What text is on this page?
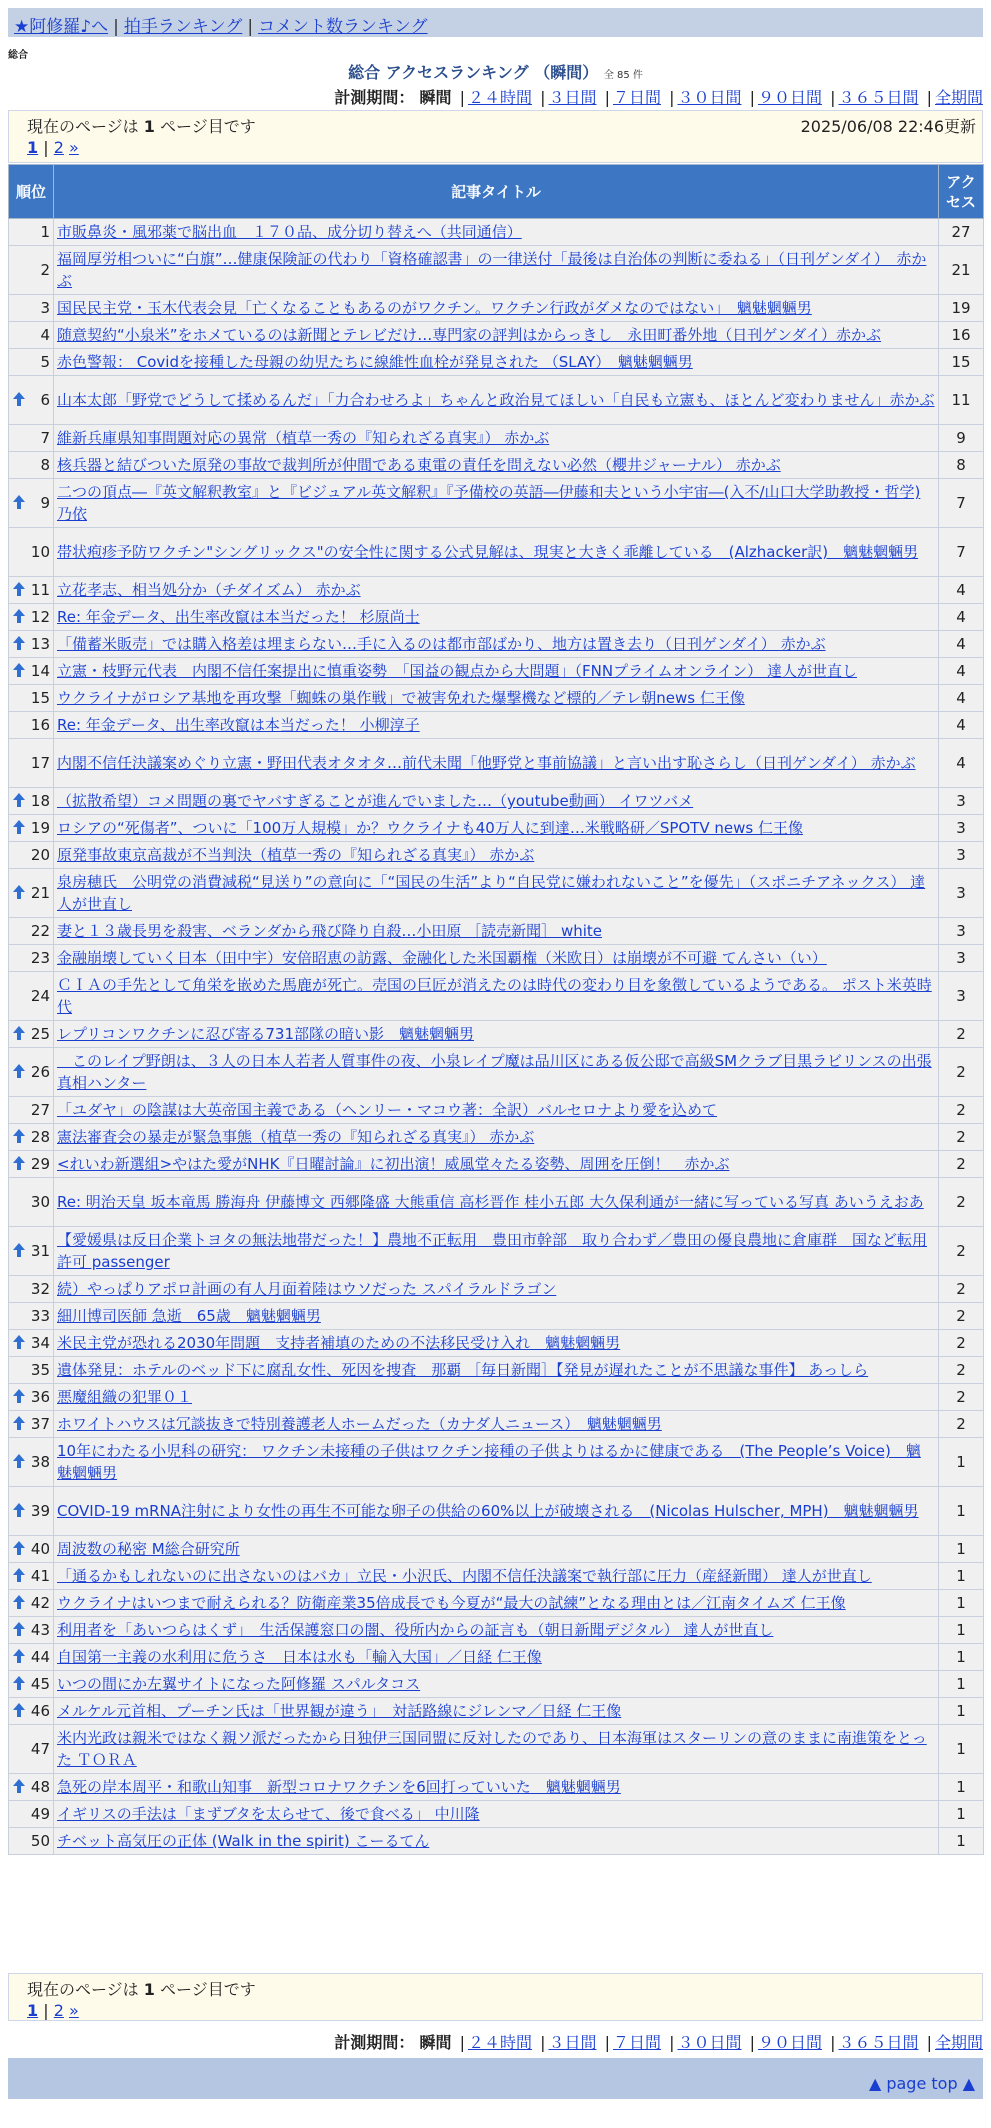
★阿修羅♪へ | 拍手ランキング | コメント数ランキング
総合
総合 アクセスランキング （瞬間） 全 85 件
計測期間： 瞬間 | ２４時間 | ３日間 | ７日間 | ３０日間 | ９０日間 | ３６５日間 | 全期間
現在のページは 1 ページ目です	2025/06/08 22:46更新
1 | 2 »
順位	記事タイトル	アクセス
1	市販鼻炎・風邪薬で脳出血　１７０品、成分切り替えへ（共同通信）	27
2	福岡厚労相ついに“白旗”…健康保険証の代わり「資格確認書」の一律送付「最後は自治体の判断に委ねる」（日刊ゲンダイ）　赤かぶ	21
3	国民民主党・玉木代表会見「亡くなることもあるのがワクチン。ワクチン行政がダメなのではない」　魑魅魍魎男	19
4	随意契約“小泉米”をホメているのは新聞とテレビだけ…専門家の評判はからっきし　永田町番外地（日刊ゲンダイ）赤かぶ	16
5	赤色警報： Covidを接種した母親の幼児たちに線維性血栓が発見された （SLAY）　魑魅魍魎男	15

6	山本太郎「野党でどうして揉めるんだ」「力合わせろよ」ちゃんと政治見てほしい「自民も立憲も、ほとんど変わりません」赤かぶ	11
7	維新兵庫県知事問題対応の異常（植草一秀の『知られざる真実』） 赤かぶ	9
8	核兵器と結びついた原発の事故で裁判所が仲間である東電の責任を問えない必然（櫻井ジャーナル） 赤かぶ	8

9	二つの頂点―『英文解釈教室』と『ビジュアル英文解釈』『予備校の英語―伊藤和夫という小宇宙―(入不/山口大学助教授・哲学) 乃依	7
10	帯状疱疹予防ワクチン"シングリックス"の安全性に関する公式見解は、現実と大きく乖離している　(Alzhacker訳)　魑魅魍魎男	7

11	立花孝志、相当処分か（チダイズム） 赤かぶ	4

12	Re: 年金データ、出生率改竄は本当だった！ 杉原尚士	4

13	「備蓄米販売」では購入格差は埋まらない…手に入るのは都市部ばかり、地方は置き去り（日刊ゲンダイ） 赤かぶ	4

14	立憲・枝野元代表　内閣不信任案提出に慎重姿勢　「国益の観点から大問題」（FNNプライムオンライン） 達人が世直し	4
15	ウクライナがロシア基地を再攻撃「蜘蛛の巣作戦」で被害免れた爆撃機など標的／テレ朝news 仁王像	4
16	Re: 年金データ、出生率改竄は本当だった！ 小柳淳子	4
17	内閣不信任決議案めぐり立憲・野田代表オタオタ…前代未聞「他野党と事前協議」と言い出す恥さらし（日刊ゲンダイ） 赤かぶ	4

18	（拡散希望）コメ問題の裏でヤバすぎることが進んでいました…（youtube動画） イワツバメ	3

19	ロシアの“死傷者”、ついに「100万人規模」か？ウクライナも40万人に到達…米戦略研／SPOTV news 仁王像	3
20	原発事故東京高裁が不当判決（植草一秀の『知られざる真実』） 赤かぶ	3

21	泉房穂氏　公明党の消費減税“見送り”の意向に「“国民の生活”より“自民党に嫌われないこと”を優先」（スポニチアネックス） 達人が世直し	3
22	妻と１３歳長男を殺害、ベランダから飛び降り自殺…小田原 ［読売新聞］ white	3
23	金融崩壊していく日本（田中宇）安倍昭恵の訪露、金融化した米国覇権（米欧日）は崩壊が不可避 てんさい（い）	3
24	ＣＩＡの手先として角栄を嵌めた馬鹿が死亡。売国の巨匠が消えたのは時代の変わり目を象徴しているようである。 ポスト米英時代	3

25	レプリコンワクチンに忍び寄る731部隊の暗い影　魑魅魍魎男	2

26	　このレイプ野朗は、３人の日本人若者人質事件の夜、小泉レイプ魔は品川区にある仮公邸で高級SMクラブ目黒ラビリンスの出張 真相ハンター	2
27	「ユダヤ」の陰謀は大英帝国主義である（ヘンリー・マコウ著：全訳）バルセロナより愛を込めて	2

28	憲法審査会の暴走が緊急事態（植草一秀の『知られざる真実』） 赤かぶ	2

29	<れいわ新選組>やはた愛がNHK『日曜討論』に初出演！威風堂々たる姿勢、周囲を圧倒！　赤かぶ	2
30	Re: 明治天皇 坂本竜馬 勝海舟 伊藤博文 西郷隆盛 大熊重信 高杉晋作 桂小五郎 大久保利通が一緒に写っている写真 あいうえおあ	2

31	【愛媛県は反日企業トヨタの無法地帯だった！】農地不正転用　豊田市幹部　取り合わず／豊田の優良農地に倉庫群　国など転用許可 passenger	2
32	続）やっぱりアポロ計画の有人月面着陸はウソだった スパイラルドラゴン	2
33	細川博司医師 急逝　65歳　魑魅魍魎男	2

34	米民主党が恐れる2030年問題　支持者補填のための不法移民受け入れ　魑魅魍魎男	2
35	遺体発見：ホテルのベッド下に腐乱女性、死因を捜査　那覇 ［毎日新聞］【発見が遅れたことが不思議な事件】 あっしら	2

36	悪魔組織の犯罪０１	2

37	ホワイトハウスは冗談抜きで特別養護老人ホームだった（カナダ人ニュース）　魑魅魍魎男	2

38	10年にわたる小児科の研究： ワクチン未接種の子供はワクチン接種の子供よりはるかに健康である　(The People’s Voice)　魑魅魍魎男	1

39	COVID-19 mRNA注射により女性の再生不可能な卵子の供給の60%以上が破壊される　(Nicolas Hulscher, MPH)　魑魅魍魎男	1

40	周波数の秘密 M総合研究所	1

41	「通るかもしれないのに出さないのはバカ」立民・小沢氏、内閣不信任決議案で執行部に圧力（産経新聞） 達人が世直し	1

42	ウクライナはいつまで耐えられる？防衛産業35倍成長でも今夏が“最大の試練”となる理由とは／江南タイムズ 仁王像	1

43	利用者を「あいつらはくず」　生活保護窓口の闇、役所内からの証言も（朝日新聞デジタル） 達人が世直し	1

44	自国第一主義の水利用に危うさ　日本は水も「輸入大国」／日経 仁王像	1

45	いつの間にか左翼サイトになった阿修羅 スパルタコス	1

46	メルケル元首相、プーチン氏は「世界観が違う」　対話路線にジレンマ／日経 仁王像	1
47	米内光政は親米ではなく親ソ派だったから日独伊三国同盟に反対したのであり、日本海軍はスターリンの意のままに南進策をとった ＴＯＲＡ	1

48	急死の岸本周平・和歌山知事　新型コロナワクチンを6回打っていいた　魑魅魍魎男	1
49	イギリスの手法は「まずブタを太らせて、後で食べる」 中川隆	1
50	チベット高気圧の正体 (Walk in the spirit) こーるてん	1
現在のページは 1 ページ目です
1 | 2 »
計測期間： 瞬間 | ２４時間 | ３日間 | ７日間 | ３０日間 | ９０日間 | ３６５日間 | 全期間
▲ page top ▲
